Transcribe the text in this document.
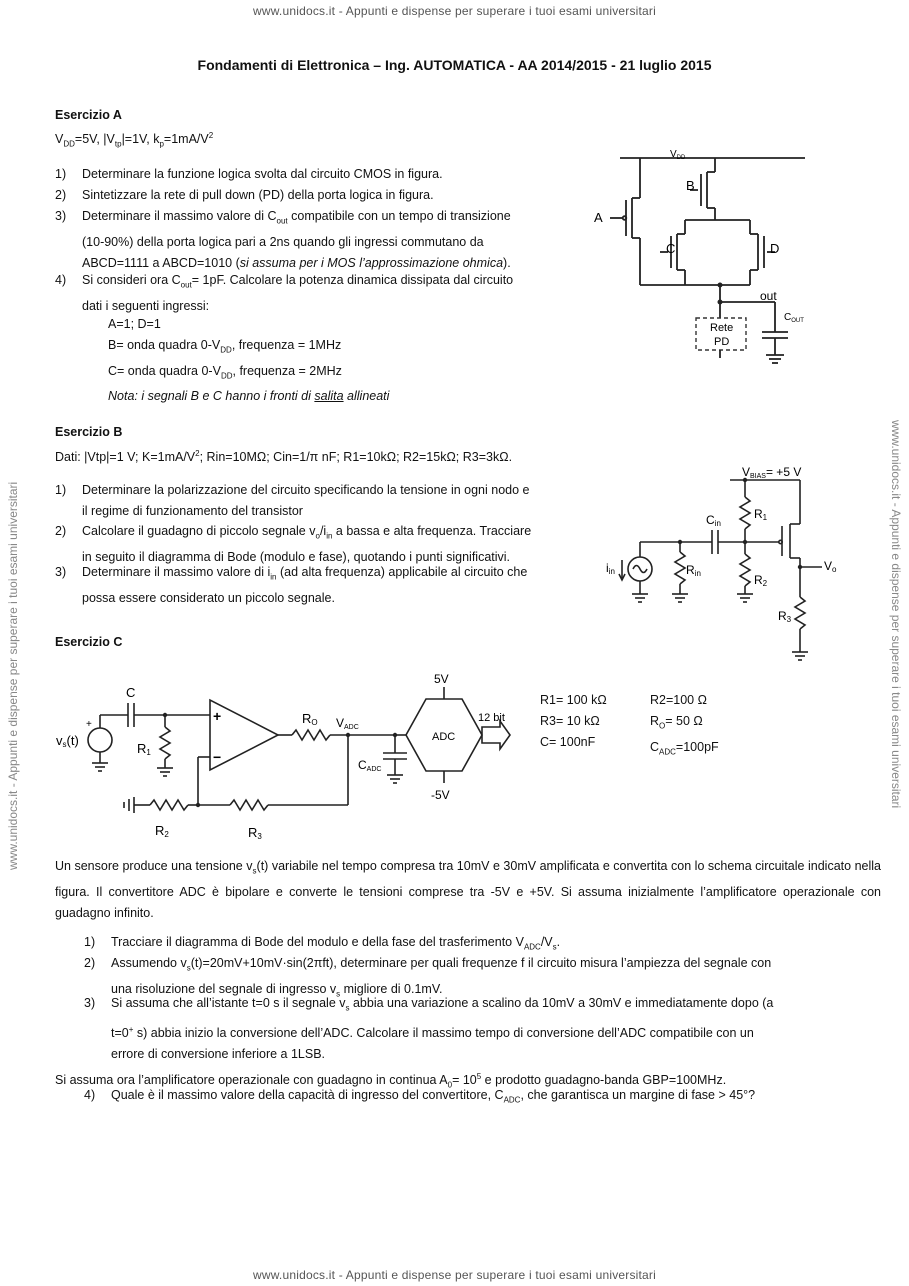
www.unidocs.it - Appunti e dispense per superare i tuoi esami universitari
www.unidocs.it - Appunti e dispense per superare i tuoi esami universitari
www.unidocs.it - Appunti e dispense per superare i tuoi esami universitari	www.unidocs.it - Appunti e dispense per superare i tuoi esami universitari
Fondamenti di Elettronica – Ing. AUTOMATICA - AA 2014/2015 - 21 luglio 2015
Esercizio A
$V_{DD}=5V$, $|V_{tp}|=1V$, $k_p=1mA/V^2$
1) Determinare la funzione logica svolta dal circuito CMOS in figura.
2) Sintetizzare la rete di pull down (PD) della porta logica in figura.
3) Determinare il massimo valore di $C_{out}$ compatibile con un tempo di transizione
(10-90%) della porta logica pari a 2ns quando gli ingressi commutano da
ABCD=1111 a ABCD=1010 (si assuma per i MOS l’approssimazione ohmica).
4) Si consideri ora $C_{out}= 1pF$. Calcolare la potenza dinamica dissipata dal circuito
dati i seguenti ingressi:
A=1; D=1
B= onda quadra $0-V_{DD}$, frequenza = 1MHz
C= onda quadra $0-V_{DD}$, frequenza = 2MHz
Nota: i segnali B e C hanno i fronti di salita allineati
$V_{DD}$
A
B
C	D
out
$C_{OUT}$
Rete
PD
Esercizio B
Dati: |Vtp|=1 V; $K=1mA/V^2$; Rin=10MΩ; Cin=1/π nF; R1=10kΩ; R2=15kΩ; R3=3kΩ.
1) Determinare la polarizzazione del circuito specificando la tensione in ogni nodo e
il regime di funzionamento del transistor
2) Calcolare il guadagno di piccolo segnale $v_o/i_{in}$ a bassa e alta frequenza. Tracciare
in seguito il diagramma di Bode (modulo e fase), quotando i punti significativi.
3) Determinare il massimo valore di $i_{in}$ (ad alta frequenza) applicabile al circuito che
possa essere considerato un piccolo segnale.
VBIAS= +5 V
Cin
R1
R2
R3
iin	Rin
Vo
Esercizio C
C
+
vs(t)
R1
+
−
RO VADC
CADC
R2	R3
5V
-5V
ADC
12 bit
R1= 100 kΩ
R3= 10 kΩ
C= 100nF
R2=100 Ω
$R_O= 50$ Ω
$C_{ADC}=100pF$
Un sensore produce una tensione $v_s(t)$ variabile nel tempo compresa tra 10mV e 30mV amplificata e convertita con lo schema circuitale indicato nella figura. Il convertitore ADC è bipolare e converte le tensioni comprese tra -5V e +5V. Si assuma inizialmente l’amplificatore operazionale con guadagno infinito.
1) Tracciare il diagramma di Bode del modulo e della fase del trasferimento $V_{ADC}/V_s$.
2) Assumendo $v_s(t)=20mV+10mV\cdot\sin(2\pi ft)$, determinare per quali frequenze f il circuito misura l’ampiezza del segnale con
una risoluzione del segnale di ingresso $v_s$ migliore di 0.1mV.
3) Si assuma che all’istante t=0 s il segnale $v_s$ abbia una variazione a scalino da 10mV a 30mV e immediatamente dopo (a
t=0+ s) abbia inizio la conversione dell’ADC. Calcolare il massimo tempo di conversione dell’ADC compatibile con un
errore di conversione inferiore a 1LSB.
Si assuma ora l’amplificatore operazionale con guadagno in continua $A_0= 10^5$ e prodotto guadagno-banda GBP=100MHz.
4) Quale è il massimo valore della capacità di ingresso del convertitore, $C_{ADC}$, che garantisca un margine di fase > 45°?
